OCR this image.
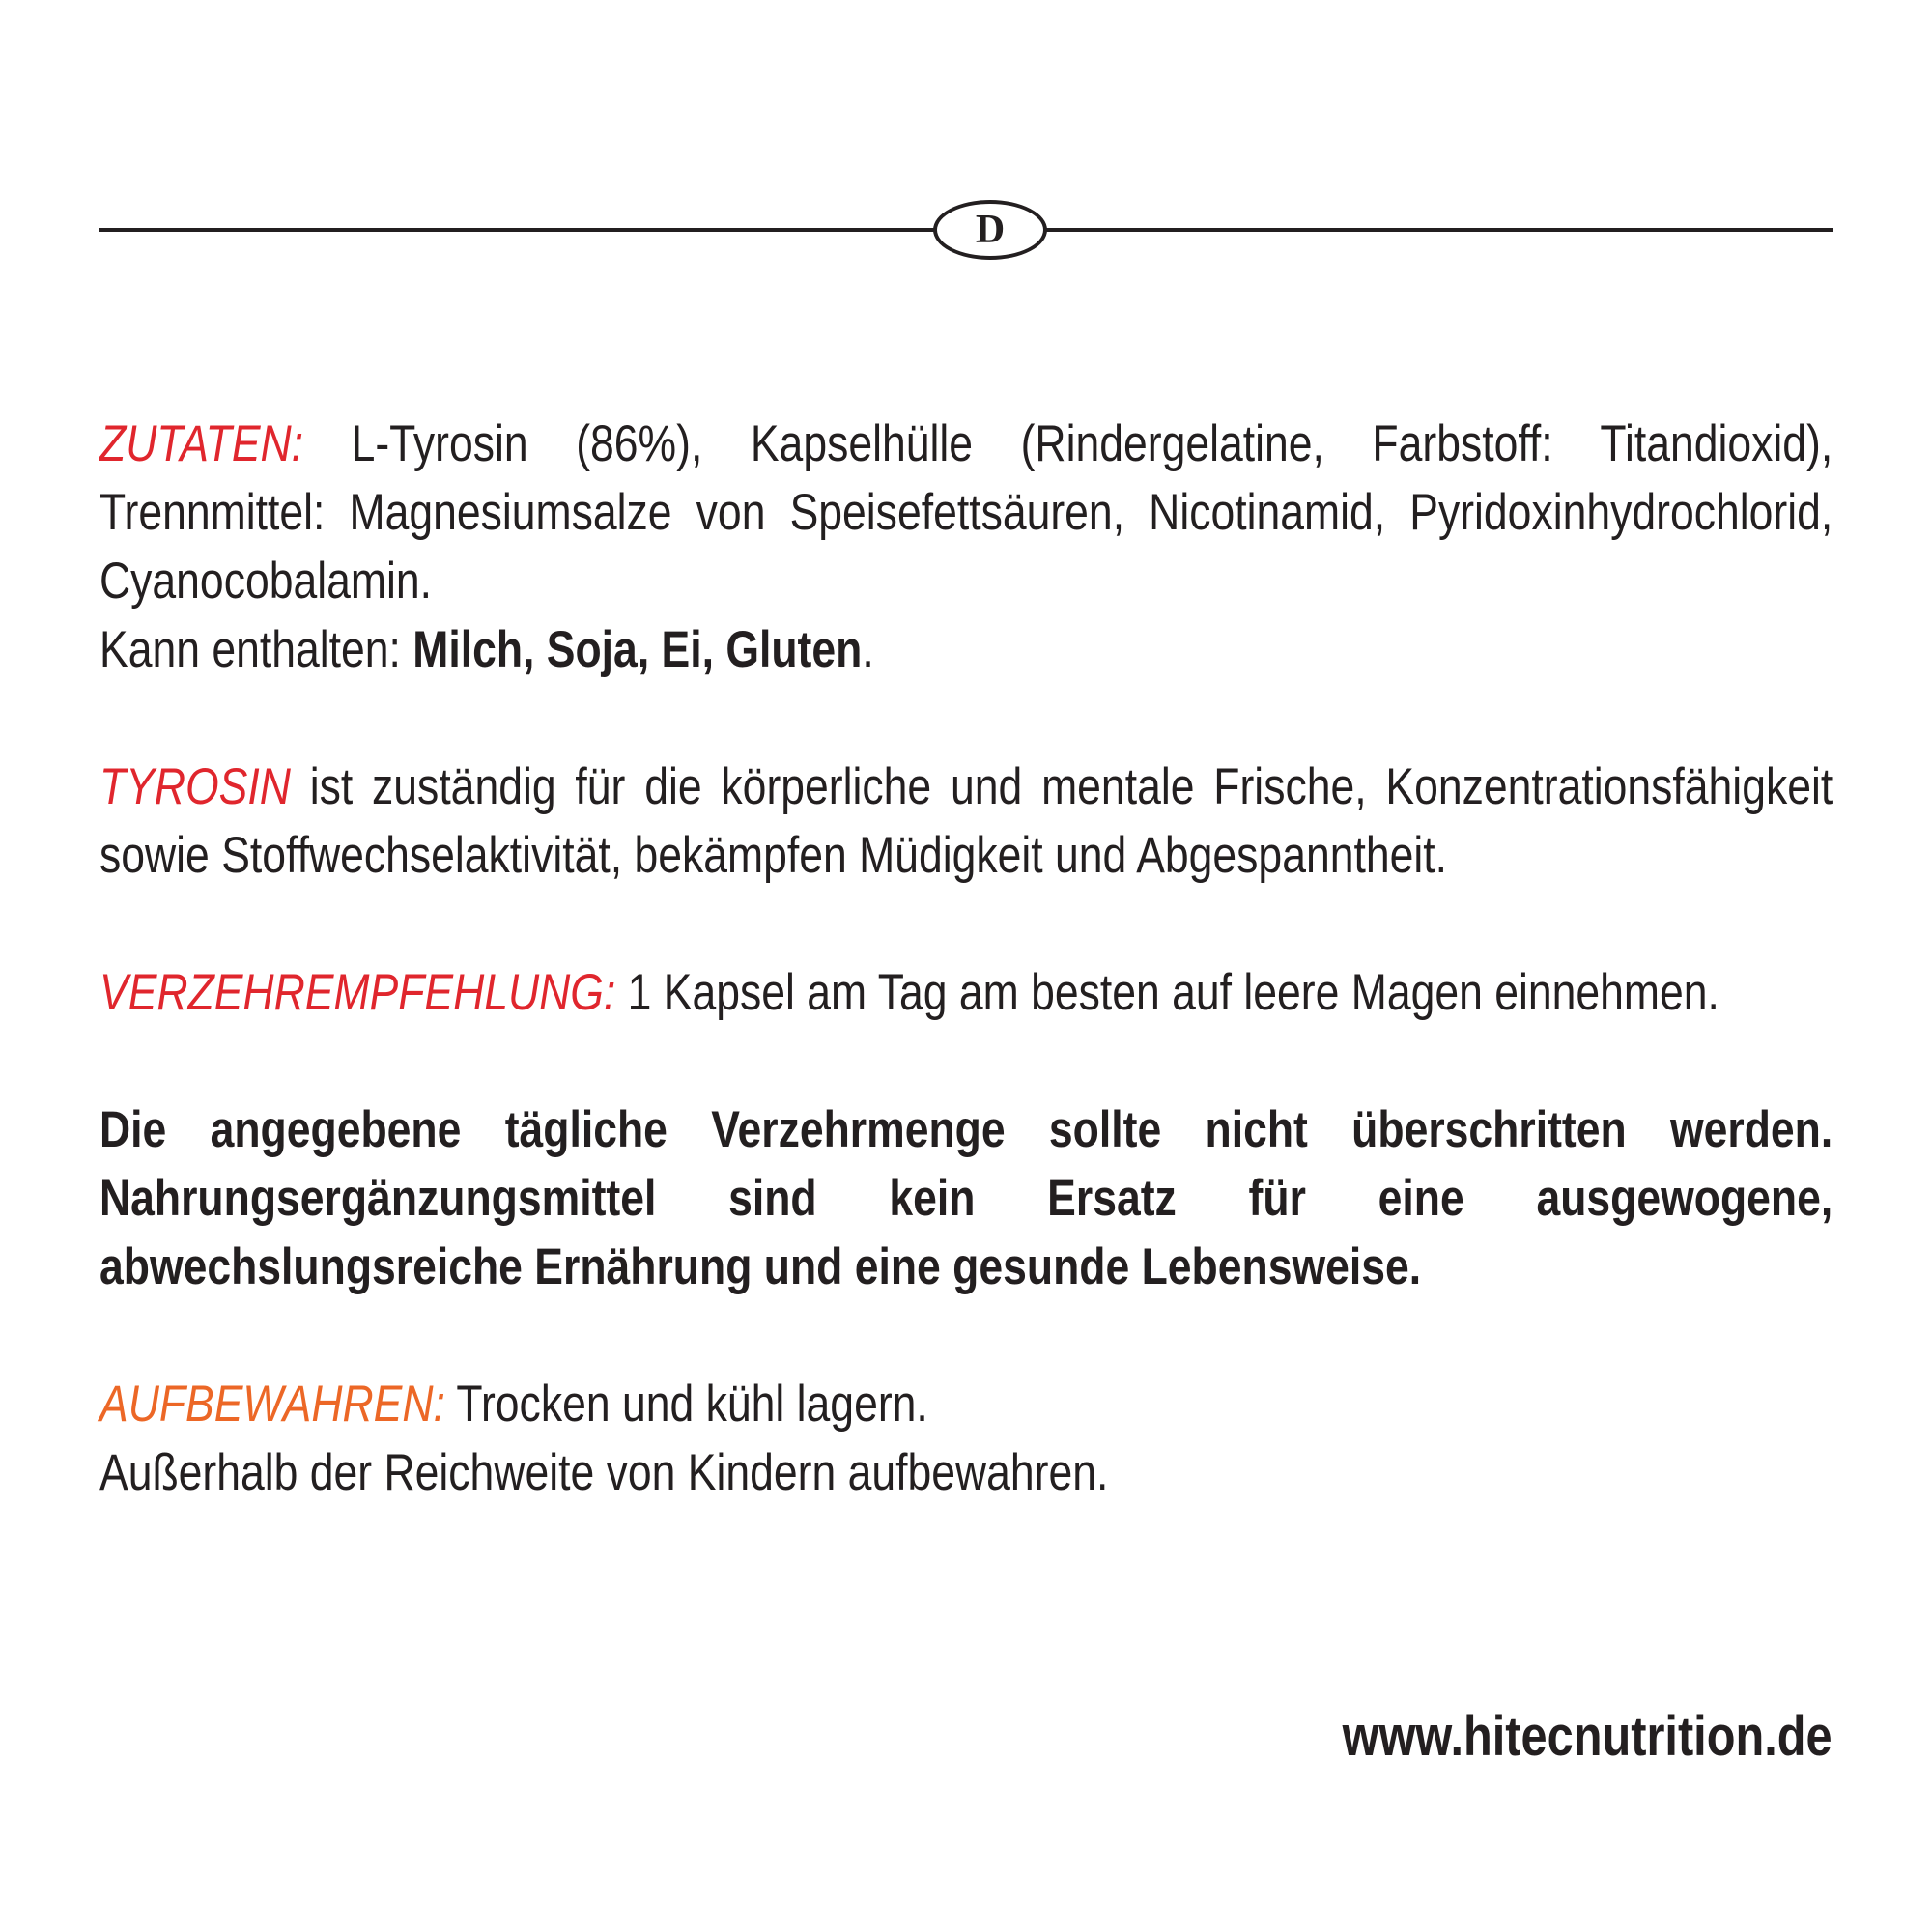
D

ZUTATEN: L-Tyrosin (86%), Kapselhülle (Rindergelatine, Farbstoff: Titandioxid), Trennmittel: Magnesiumsalze von Speisefettsäuren, Nicotinamid, Pyridoxinhydrochlorid, Cyanocobalamin.

Kann enthalten: Milch, Soja, Ei, Gluten.

TYROSIN ist zuständig für die körperliche und mentale Frische, Konzentrationsfähigkeit sowie Stoffwechselaktivität, bekämpfen Müdigkeit und Abgespanntheit.

VERZEHREMPFEHLUNG: 1 Kapsel am Tag am besten auf leere Magen einnehmen.

Die angegebene tägliche Verzehrmenge sollte nicht überschritten werden. Nahrungsergänzungsmittel sind kein Ersatz für eine ausgewogene, abwechslungsreiche Ernährung und eine gesunde Lebensweise.

AUFBEWAHREN: Trocken und kühl lagern.

Außerhalb der Reichweite von Kindern aufbewahren.

www.hitecnutrition.de
